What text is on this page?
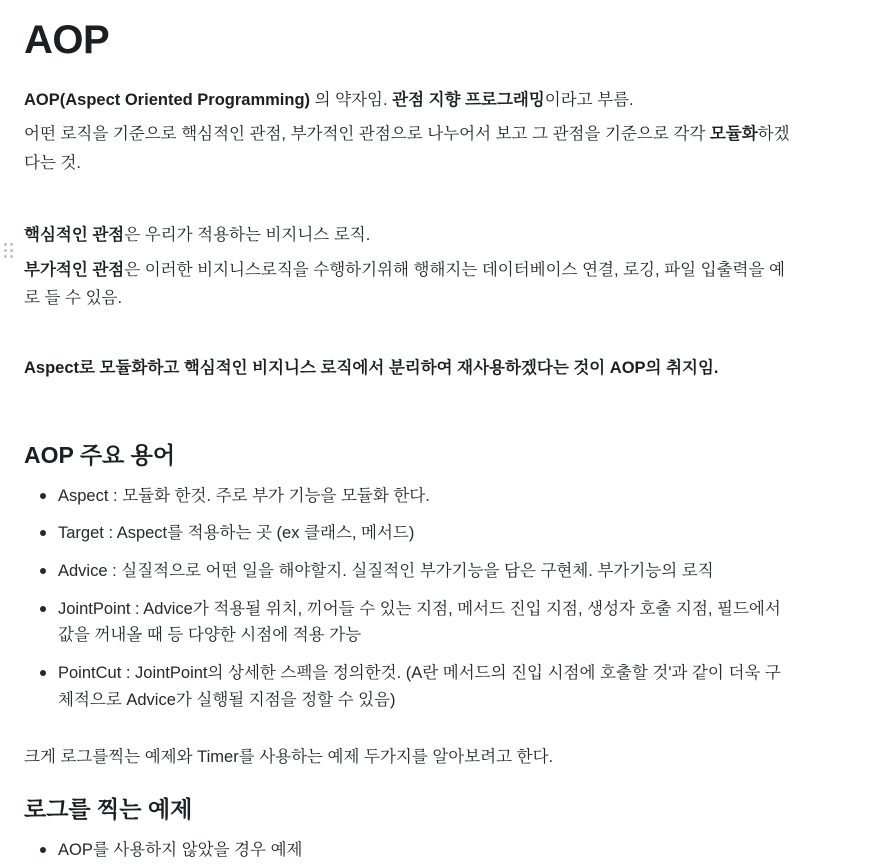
AOP

AOP(Aspect Oriented Programming) 의 약자임. 관점 지향 프로그래밍이라고 부름.

어떤 로직을 기준으로 핵심적인 관점, 부가적인 관점으로 나누어서 보고 그 관점을 기준으로 각각 모듈화하겠다는 것.

핵심적인 관점은 우리가 적용하는 비지니스 로직.

부가적인 관점은 이러한 비지니스로직을 수행하기위해 행해지는 데이터베이스 연결, 로깅, 파일 입출력을 예로 들 수 있음.

Aspect로 모듈화하고 핵심적인 비지니스 로직에서 분리하여 재사용하겠다는 것이 AOP의 취지임.

AOP 주요 용어
Aspect : 모듈화 한것. 주로 부가 기능을 모듈화 한다.
Target : Aspect를 적용하는 곳 (ex 클래스, 메서드)
Advice : 실질적으로 어떤 일을 해야할지. 실질적인 부가기능을 담은 구현체. 부가기능의 로직
JointPoint : Advice가 적용될 위치, 끼어들 수 있는 지점, 메서드 진입 지점, 생성자 호출 지점, 필드에서 값을 꺼내올 때 등 다양한 시점에 적용 가능
PointCut : JointPoint의 상세한 스펙을 정의한것. (A란 메서드의 진입 시점에 호출할 것'과 같이 더욱 구체적으로 Advice가 실행될 지점을 정할 수 있음)

크게 로그를찍는 예제와 Timer를 사용하는 예제 두가지를 알아보려고 한다.

로그를 찍는 예제
AOP를 사용하지 않았을 경우 예제
